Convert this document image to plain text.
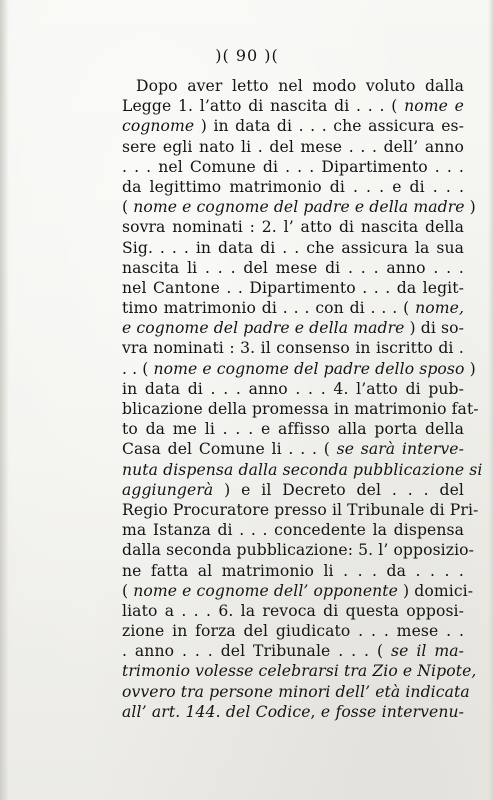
)( 90 )(
Dopo aver letto nel modo voluto dalla
Legge 1. l’atto di nascita di . . . ( nome e
cognome ) in data di . . . che assicura es-
sere egli nato li . del mese . . . dell’ anno
. . . nel Comune di . . . Dipartimento . . .
da legittimo matrimonio di . . . e di . . .
( nome e cognome del padre e della madre )
sovra nominati : 2. l’ atto di nascita della
Sig. . . . in data di . . che assicura la sua
nascita li . . . del mese di . . . anno . . .
nel Cantone . . Dipartimento . . . da legit-
timo matrimonio di . . . con di . . . ( nome,
e cognome del padre e della madre ) di so-
vra nominati : 3. il consenso in iscritto di .
. . ( nome e cognome del padre dello sposo )
in data di . . . anno . . . 4. l’atto di pub-
blicazione della promessa in matrimonio fat-
to da me li . . . e affisso alla porta della
Casa del Comune li . . . ( se sarà interve-
nuta dispensa dalla seconda pubblicazione si
aggiungerà ) e il Decreto del . . . del
Regio Procuratore presso il Tribunale di Pri-
ma Istanza di . . . concedente la dispensa
dalla seconda pubblicazione: 5. l’ opposizio-
ne fatta al matrimonio li . . . da . . . .
( nome e cognome dell’ opponente ) domici-
liato a . . . 6. la revoca di questa opposi-
zione in forza del giudicato . . . mese . .
. anno . . . del Tribunale . . . ( se il ma-
trimonio volesse celebrarsi tra Zio e Nipote,
ovvero tra persone minori dell’ età indicata
all’ art. 144. del Codice, e fosse intervenu-
